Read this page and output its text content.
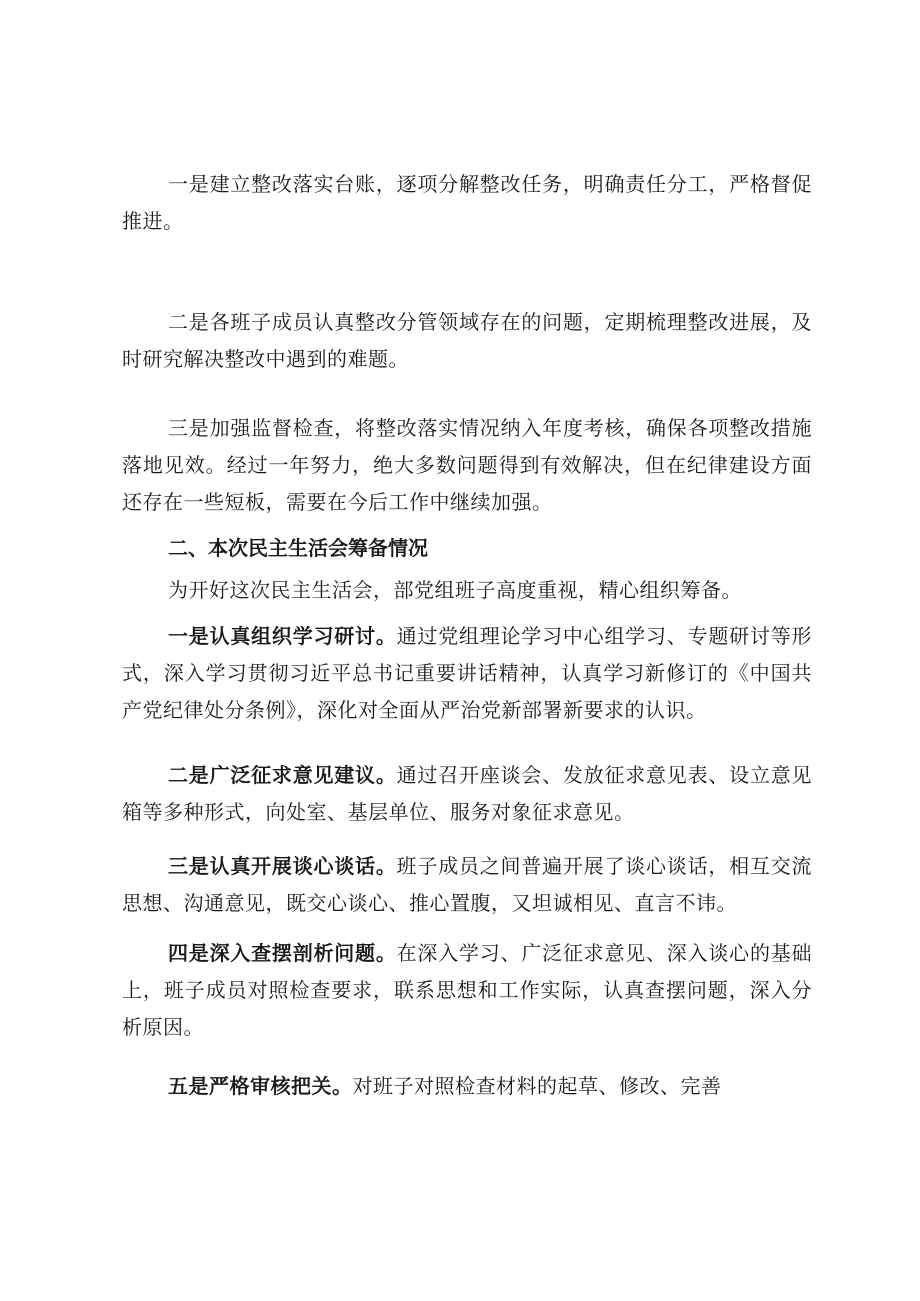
一是建立整改落实台账，逐项分解整改任务，明确责任分工，严格督促推进。

二是各班子成员认真整改分管领域存在的问题，定期梳理整改进展，及时研究解决整改中遇到的难题。

三是加强监督检查，将整改落实情况纳入年度考核，确保各项整改措施落地见效。经过一年努力，绝大多数问题得到有效解决，但在纪律建设方面还存在一些短板，需要在今后工作中继续加强。

二、本次民主生活会筹备情况

为开好这次民主生活会，部党组班子高度重视，精心组织筹备。

一是认真组织学习研讨。通过党组理论学习中心组学习、专题研讨等形式，深入学习贯彻习近平总书记重要讲话精神，认真学习新修订的《中国共产党纪律处分条例》，深化对全面从严治党新部署新要求的认识。

二是广泛征求意见建议。通过召开座谈会、发放征求意见表、设立意见箱等多种形式，向处室、基层单位、服务对象征求意见。

三是认真开展谈心谈话。班子成员之间普遍开展了谈心谈话，相互交流思想、沟通意见，既交心谈心、推心置腹，又坦诚相见、直言不讳。

四是深入查摆剖析问题。在深入学习、广泛征求意见、深入谈心的基础上，班子成员对照检查要求，联系思想和工作实际，认真查摆问题，深入分析原因。

五是严格审核把关。对班子对照检查材料的起草、修改、完善
